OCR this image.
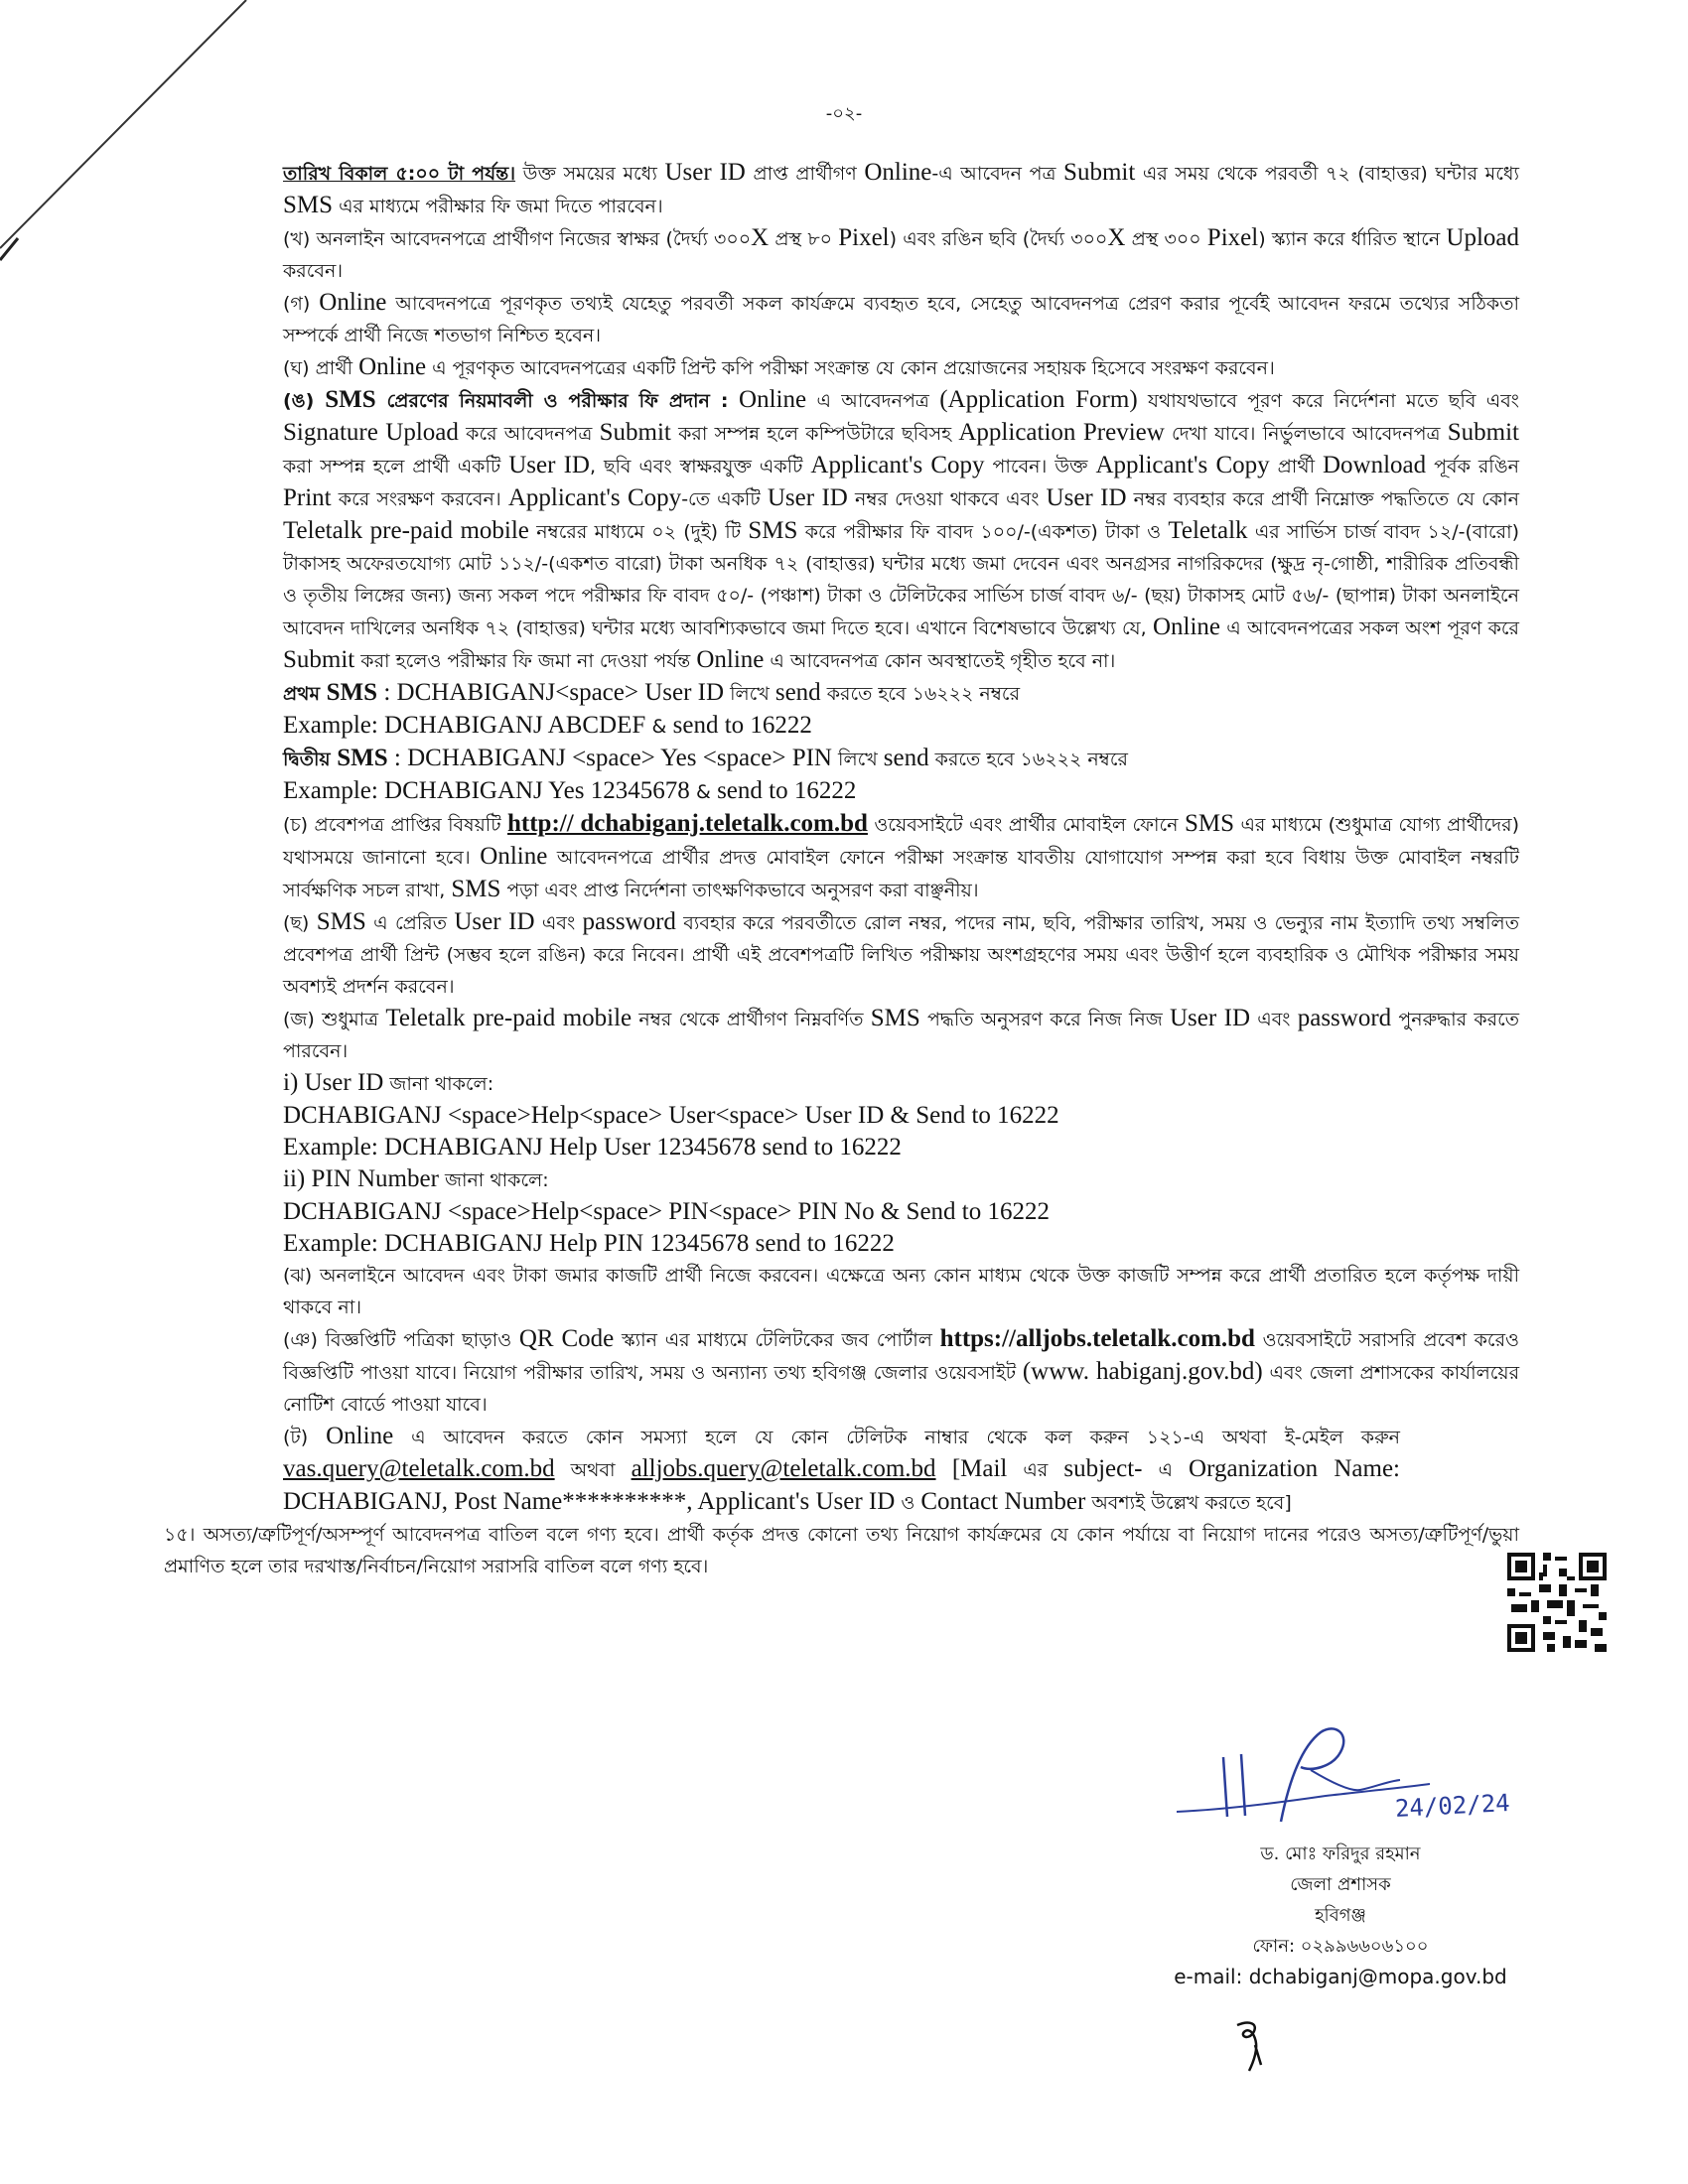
-০২-

তারিখ বিকাল ৫:০০ টা পর্যন্ত। উক্ত সময়ের মধ্যে User ID প্রাপ্ত প্রার্থীগণ Online-এ আবেদন পত্র Submit এর সময় থেকে পরবর্তী ৭২ (বাহাত্তর) ঘন্টার মধ্যে SMS এর মাধ্যমে পরীক্ষার ফি জমা দিতে পারবেন।

(খ) অনলাইন আবেদনপত্রে প্রার্থীগণ নিজের স্বাক্ষর (দৈর্ঘ্য ৩০০X প্রস্থ ৮০ Pixel) এবং রঙিন ছবি (দৈর্ঘ্য ৩০০X প্রস্থ ৩০০ Pixel) স্ক্যান করে র্ধারিত স্থানে Upload করবেন।

(গ) Online আবেদনপত্রে পূরণকৃত তথ্যই যেহেতু পরবর্তী সকল কার্যক্রমে ব্যবহৃত হবে, সেহেতু আবেদনপত্র প্রেরণ করার পূর্বেই আবেদন ফরমে তথ্যের সঠিকতা সম্পর্কে প্রার্থী নিজে শতভাগ নিশ্চিত হবেন।

(ঘ) প্রার্থী Online এ পূরণকৃত আবেদনপত্রের একটি প্রিন্ট কপি পরীক্ষা সংক্রান্ত যে কোন প্রয়োজনের সহায়ক হিসেবে সংরক্ষণ করবেন।

(ঙ) SMS প্রেরণের নিয়মাবলী ও পরীক্ষার ফি প্রদান : Online এ আবেদনপত্র (Application Form) যথাযথভাবে পূরণ করে নির্দেশনা মতে ছবি এবং Signature Upload করে আবেদনপত্র Submit করা সম্পন্ন হলে কম্পিউটারে ছবিসহ Application Preview দেখা যাবে। নির্ভুলভাবে আবেদনপত্র Submit করা সম্পন্ন হলে প্রার্থী একটি User ID, ছবি এবং স্বাক্ষরযুক্ত একটি Applicant's Copy পাবেন। উক্ত Applicant's Copy প্রার্থী Download পূর্বক রঙিন Print করে সংরক্ষণ করবেন। Applicant's Copy-তে একটি User ID নম্বর দেওয়া থাকবে এবং User ID নম্বর ব্যবহার করে প্রার্থী নিম্নোক্ত পদ্ধতিতে যে কোন Teletalk pre-paid mobile নম্বরের মাধ্যমে ০২ (দুই) টি SMS করে পরীক্ষার ফি বাবদ ১০০/-(একশত) টাকা ও Teletalk এর সার্ভিস চার্জ বাবদ ১২/-(বারো) টাকাসহ অফেরতযোগ্য মোট ১১২/-(একশত বারো) টাকা অনধিক ৭২ (বাহাত্তর) ঘন্টার মধ্যে জমা দেবেন এবং অনগ্রসর নাগরিকদের (ক্ষুদ্র নৃ-গোষ্ঠী, শারীরিক প্রতিবন্ধী ও তৃতীয় লিঙ্গের জন্য) জন্য সকল পদে পরীক্ষার ফি বাবদ ৫০/- (পঞ্চাশ) টাকা ও টেলিটকের সার্ভিস চার্জ বাবদ ৬/- (ছয়) টাকাসহ মোট ৫৬/- (ছাপান্ন) টাকা অনলাইনে আবেদন দাখিলের অনধিক ৭২ (বাহাত্তর) ঘন্টার মধ্যে আবশ্যিকভাবে জমা দিতে হবে। এখানে বিশেষভাবে উল্লেখ্য যে, Online এ আবেদনপত্রের সকল অংশ পূরণ করে Submit করা হলেও পরীক্ষার ফি জমা না দেওয়া পর্যন্ত Online এ আবেদনপত্র কোন অবস্থাতেই গৃহীত হবে না।

প্রথম SMS : DCHABIGANJ<space> User ID লিখে send করতে হবে ১৬২২২ নম্বরে

Example: DCHABIGANJ ABCDEF & send to 16222

দ্বিতীয় SMS : DCHABIGANJ <space> Yes <space> PIN লিখে send করতে হবে ১৬২২২ নম্বরে

Example: DCHABIGANJ Yes 12345678 & send to 16222

(চ) প্রবেশপত্র প্রাপ্তির বিষয়টি http:// dchabiganj.teletalk.com.bd ওয়েবসাইটে এবং প্রার্থীর মোবাইল ফোনে SMS এর মাধ্যমে (শুধুমাত্র যোগ্য প্রার্থীদের) যথাসময়ে জানানো হবে। Online আবেদনপত্রে প্রার্থীর প্রদত্ত মোবাইল ফোনে পরীক্ষা সংক্রান্ত যাবতীয় যোগাযোগ সম্পন্ন করা হবে বিধায় উক্ত মোবাইল নম্বরটি সার্বক্ষণিক সচল রাখা, SMS পড়া এবং প্রাপ্ত নির্দেশনা তাৎক্ষণিকভাবে অনুসরণ করা বাঞ্ছনীয়।

(ছ) SMS এ প্রেরিত User ID এবং password ব্যবহার করে পরবর্তীতে রোল নম্বর, পদের নাম, ছবি, পরীক্ষার তারিখ, সময় ও ভেন্যুর নাম ইত্যাদি তথ্য সম্বলিত প্রবেশপত্র প্রার্থী প্রিন্ট (সম্ভব হলে রঙিন) করে নিবেন। প্রার্থী এই প্রবেশপত্রটি লিখিত পরীক্ষায় অংশগ্রহণের সময় এবং উত্তীর্ণ হলে ব্যবহারিক ও মৌখিক পরীক্ষার সময় অবশ্যই প্রদর্শন করবেন।

(জ) শুধুমাত্র Teletalk pre-paid mobile নম্বর থেকে প্রার্থীগণ নিম্নবর্ণিত SMS পদ্ধতি অনুসরণ করে নিজ নিজ User ID এবং password পুনরুদ্ধার করতে পারবেন।

i) User ID জানা থাকলে:

DCHABIGANJ <space>Help<space> User<space> User ID & Send to 16222

Example: DCHABIGANJ Help User 12345678 send to 16222

ii) PIN Number জানা থাকলে:

DCHABIGANJ <space>Help<space> PIN<space> PIN No & Send to 16222

Example: DCHABIGANJ Help PIN 12345678 send to 16222

(ঝ) অনলাইনে আবেদন এবং টাকা জমার কাজটি প্রার্থী নিজে করবেন। এক্ষেত্রে অন্য কোন মাধ্যম থেকে উক্ত কাজটি সম্পন্ন করে প্রার্থী প্রতারিত হলে কর্তৃপক্ষ দায়ী থাকবে না।

(ঞ) বিজ্ঞপ্তিটি পত্রিকা ছাড়াও QR Code স্ক্যান এর মাধ্যমে টেলিটকের জব পোর্টাল https://alljobs.teletalk.com.bd ওয়েবসাইটে সরাসরি প্রবেশ করেও বিজ্ঞপ্তিটি পাওয়া যাবে। নিয়োগ পরীক্ষার তারিখ, সময় ও অন্যান্য তথ্য হবিগঞ্জ জেলার ওয়েবসাইট (www. habiganj.gov.bd) এবং জেলা প্রশাসকের কার্যালয়ের নোটিশ বোর্ডে পাওয়া যাবে।

(ট) Online এ আবেদন করতে কোন সমস্যা হলে যে কোন টেলিটক নাম্বার থেকে কল করুন ১২১-এ অথবা ই-মেইল করুন vas.query@teletalk.com.bd অথবা alljobs.query@teletalk.com.bd [Mail এর subject- এ Organization Name: DCHABIGANJ, Post Name**********, Applicant's User ID ও Contact Number অবশ্যই উল্লেখ করতে হবে]

১৫। অসত্য/ত্রুটিপূর্ণ/অসম্পূর্ণ আবেদনপত্র বাতিল বলে গণ্য হবে। প্রার্থী কর্তৃক প্রদত্ত কোনো তথ্য নিয়োগ কার্যক্রমের যে কোন পর্যায়ে বা নিয়োগ দানের পরেও অসত্য/ত্রুটিপূর্ণ/ভুয়া প্রমাণিত হলে তার দরখাস্ত/নির্বাচন/নিয়োগ সরাসরি বাতিল বলে গণ্য হবে।

24/02/24
ড. মোঃ ফরিদুর রহমান
জেলা প্রশাসক
হবিগঞ্জ
ফোন: ০২৯৯৬৬০৬১০০
e-mail: dchabiganj@mopa.gov.bd
